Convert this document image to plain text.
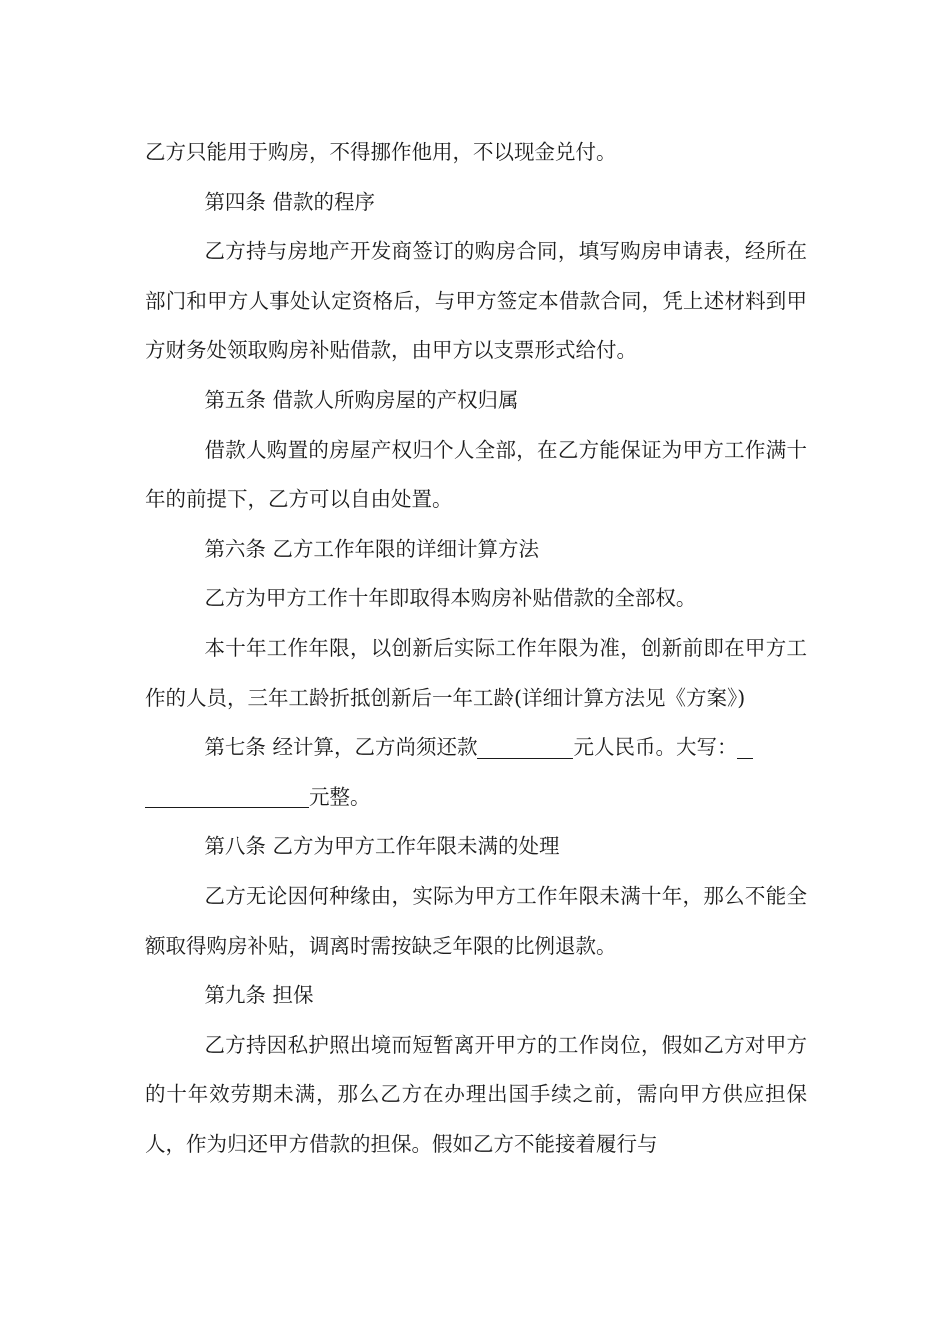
乙方只能用于购房，不得挪作他用，不以现金兑付。

第四条 借款的程序

乙方持与房地产开发商签订的购房合同，填写购房申请表，经所在部门和甲方人事处认定资格后，与甲方签定本借款合同，凭上述材料到甲方财务处领取购房补贴借款，由甲方以支票形式给付。

第五条 借款人所购房屋的产权归属

借款人购置的房屋产权归个人全部，在乙方能保证为甲方工作满十年的前提下，乙方可以自由处置。

第六条 乙方工作年限的详细计算方法

乙方为甲方工作十年即取得本购房补贴借款的全部权。

本十年工作年限，以创新后实际工作年限为准，创新前即在甲方工作的人员，三年工龄折抵创新后一年工龄(详细计算方法见《方案》)

第七条 经计算，乙方尚须还款	元人民币。大写：
元整。

第八条 乙方为甲方工作年限未满的处理

乙方无论因何种缘由，实际为甲方工作年限未满十年，那么不能全额取得购房补贴，调离时需按缺乏年限的比例退款。

第九条 担保

乙方持因私护照出境而短暂离开甲方的工作岗位，假如乙方对甲方的十年效劳期未满，那么乙方在办理出国手续之前，需向甲方供应担保人，作为归还甲方借款的担保。假如乙方不能接着履行与
